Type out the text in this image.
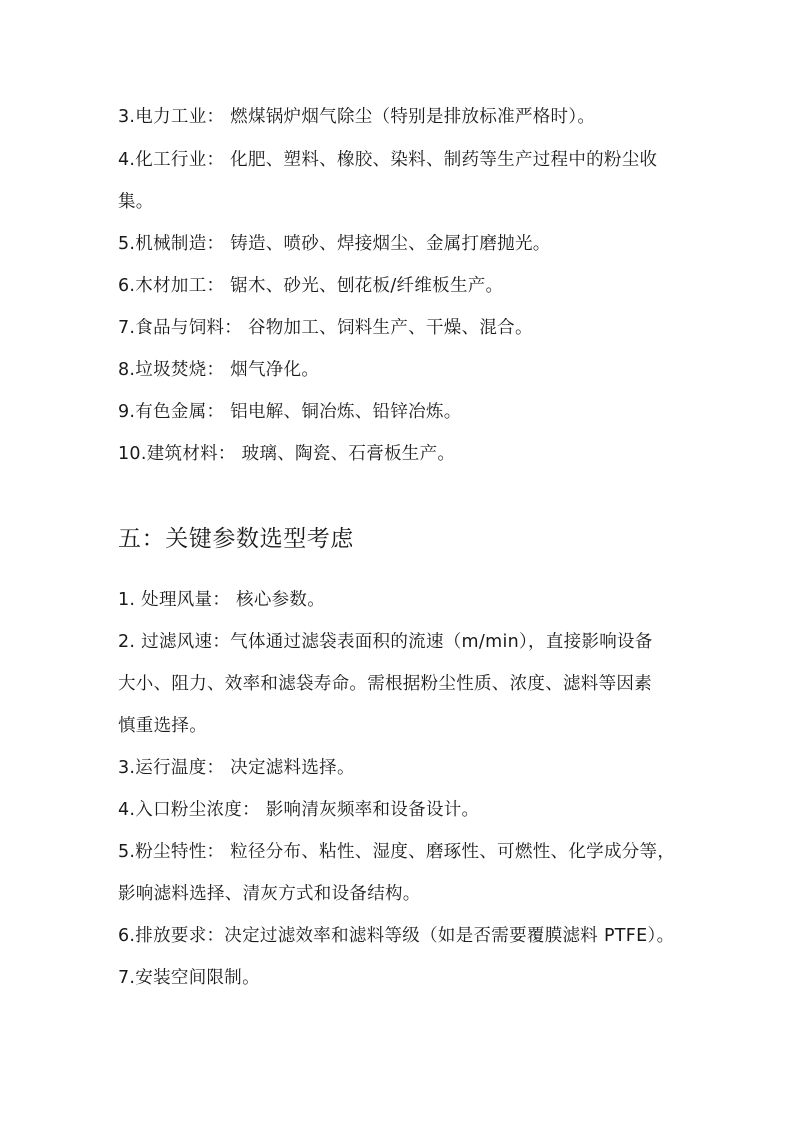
3.电力工业： 燃煤锅炉烟气除尘（特别是排放标准严格时）。
4.化工行业： 化肥、塑料、橡胶、染料、制药等生产过程中的粉尘收
集。
5.机械制造： 铸造、喷砂、焊接烟尘、金属打磨抛光。
6.木材加工： 锯木、砂光、刨花板/纤维板生产。
7.食品与饲料： 谷物加工、饲料生产、干燥、混合。
8.垃圾焚烧： 烟气净化。
9.有色金属： 铝电解、铜冶炼、铅锌冶炼。
10.建筑材料： 玻璃、陶瓷、石膏板生产。
五：关键参数选型考虑
1. 处理风量： 核心参数。
2. 过滤风速：气体通过滤袋表面积的流速（m/min），直接影响设备
大小、阻力、效率和滤袋寿命。需根据粉尘性质、浓度、滤料等因素
慎重选择。
3.运行温度： 决定滤料选择。
4.入口粉尘浓度： 影响清灰频率和设备设计。
5.粉尘特性： 粒径分布、粘性、湿度、磨琢性、可燃性、化学成分等，
影响滤料选择、清灰方式和设备结构。
6.排放要求：决定过滤效率和滤料等级（如是否需要覆膜滤料 PTFE）。
7.安装空间限制。
